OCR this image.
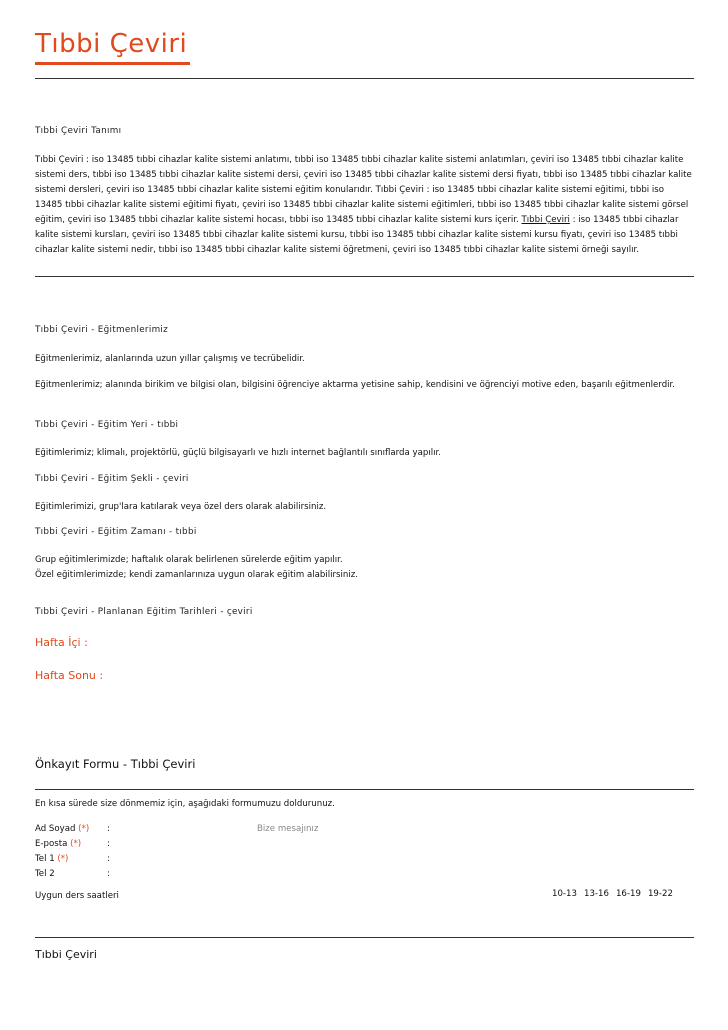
Tıbbi Çeviri
Tıbbi Çeviri Tanımı
Tıbbi Çeviri : iso 13485 tıbbi cihazlar kalite sistemi anlatımı, tıbbi iso 13485 tıbbi cihazlar kalite sistemi anlatımları, çeviri iso 13485 tıbbi cihazlar kalite sistemi ders, tıbbi iso 13485 tıbbi cihazlar kalite sistemi dersi, çeviri iso 13485 tıbbi cihazlar kalite sistemi dersi fiyatı, tıbbi iso 13485 tıbbi cihazlar kalite sistemi dersleri, çeviri iso 13485 tıbbi cihazlar kalite sistemi eğitim konularıdır. Tıbbi Çeviri : iso 13485 tıbbi cihazlar kalite sistemi eğitimi, tıbbi iso 13485 tıbbi cihazlar kalite sistemi eğitimi fiyatı, çeviri iso 13485 tıbbi cihazlar kalite sistemi eğitimleri, tıbbi iso 13485 tıbbi cihazlar kalite sistemi görsel eğitim, çeviri iso 13485 tıbbi cihazlar kalite sistemi hocası, tıbbi iso 13485 tıbbi cihazlar kalite sistemi kurs içerir. Tıbbi Çeviri : iso 13485 tıbbi cihazlar kalite sistemi kursları, çeviri iso 13485 tıbbi cihazlar kalite sistemi kursu, tıbbi iso 13485 tıbbi cihazlar kalite sistemi kursu fiyatı, çeviri iso 13485 tıbbi cihazlar kalite sistemi nedir, tıbbi iso 13485 tıbbi cihazlar kalite sistemi öğretmeni, çeviri iso 13485 tıbbi cihazlar kalite sistemi örneği sayılır.
Tıbbi Çeviri - Eğitmenlerimiz
Eğitmenlerimiz, alanlarında uzun yıllar çalışmış ve tecrübelidir.
Eğitmenlerimiz; alanında birikim ve bilgisi olan, bilgisini öğrenciye aktarma yetisine sahip, kendisini ve öğrenciyi motive eden, başarılı eğitmenlerdir.
Tıbbi Çeviri - Eğitim Yeri - tıbbi
Eğitimlerimiz; klimalı, projektörlü, güçlü bilgisayarlı ve hızlı internet bağlantılı sınıflarda yapılır.
Tıbbi Çeviri - Eğitim Şekli - çeviri
Eğitimlerimizi, grup'lara katılarak veya özel ders olarak alabilirsiniz.
Tıbbi Çeviri - Eğitim Zamanı - tıbbi
Grup eğitimlerimizde; haftalık olarak belirlenen sürelerde eğitim yapılır.
Özel eğitimlerimizde; kendi zamanlarınıza uygun olarak eğitim alabilirsiniz.
Tıbbi Çeviri - Planlanan Eğitim Tarihleri - çeviri
Hafta İçi :
Hafta Sonu :
Önkayıt Formu - Tıbbi Çeviri
En kısa sürede size dönmemiz için, aşağıdaki formumuzu doldurunuz.
Ad Soyad (*) :
E-posta (*)	:
Tel 1 (*)	:
Tel 2	:
Bize mesajınız
Uygun ders saatleri	10-13 13-16 16-19 19-22
Tıbbi Çeviri
